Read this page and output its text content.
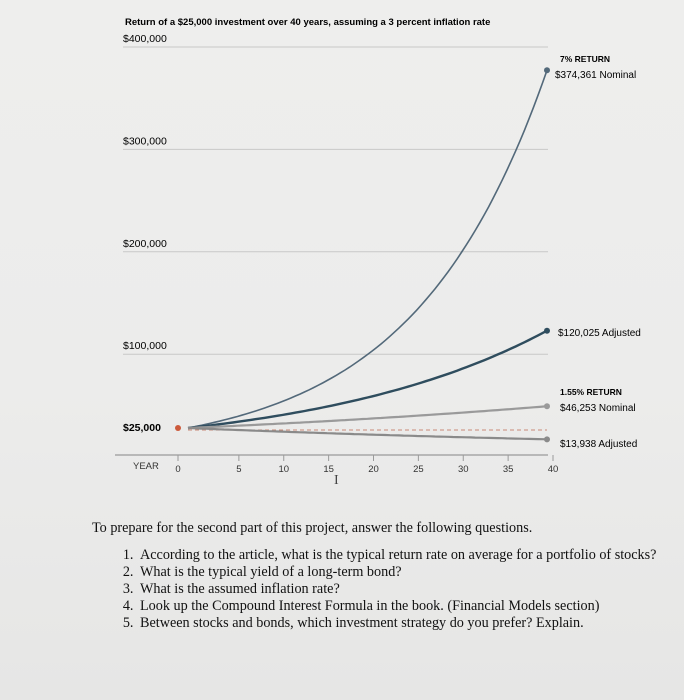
Return of a $25,000 investment over 40 years, assuming a 3 percent inflation rate
$400,000
$300,000
$200,000
$100,000
$25,000
0	5	10	15	20	25	30	35	40
YEAR
7% RETURN
$374,361 Nominal
$120,025 Adjusted
1.55% RETURN
$46,253 Nominal
$13,938 Adjusted
I

To prepare for the second part of this project, answer the following questions.

1. According to the article, what is the typical return rate on average for a portfolio of stocks?
2. What is the typical yield of a long-term bond?
3. What is the assumed inflation rate?
4. Look up the Compound Interest Formula in the book. (Financial Models section)
5. Between stocks and bonds, which investment strategy do you prefer? Explain.
